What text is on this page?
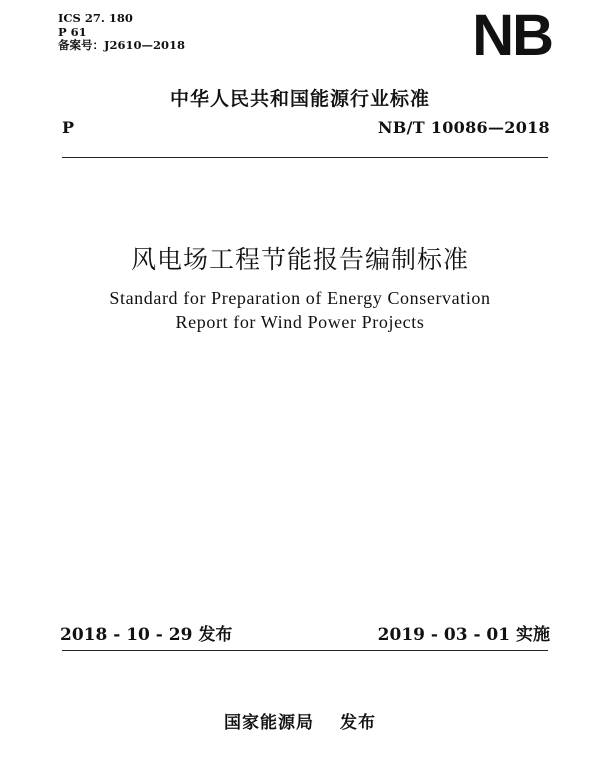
ICS 27. 180
P 61
备案号：J2610—2018	NB
中华人民共和国能源行业标准
P	NB/T 10086—2018
风电场工程节能报告编制标准
Standard for Preparation of Energy Conservation
Report for Wind Power Projects
2018 - 10 - 29 发布	2019 - 03 - 01 实施
国家能源局 发布
